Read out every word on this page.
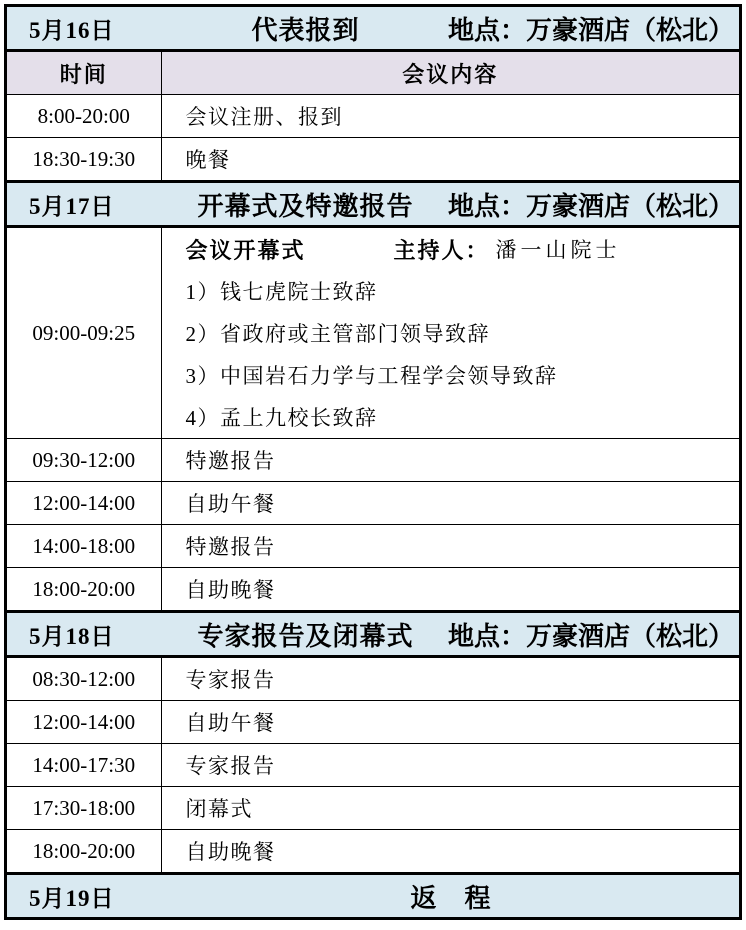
5月16日	代表报到	地点：万豪酒店（松北）
时间	会议内容
8:00-20:00	会议注册、报到
18:30-19:30	晚餐
5月17日	开幕式及特邀报告	地点：万豪酒店（松北）
09:00-09:25
会议开幕式	主持人： 潘一山院士
1）钱七虎院士致辞
2）省政府或主管部门领导致辞
3）中国岩石力学与工程学会领导致辞
4）孟上九校长致辞
09:30-12:00	特邀报告
12:00-14:00	自助午餐
14:00-18:00	特邀报告
18:00-20:00	自助晚餐
5月18日	专家报告及闭幕式	地点：万豪酒店（松北）
08:30-12:00	专家报告
12:00-14:00	自助午餐
14:00-17:30	专家报告
17:30-18:00	闭幕式
18:00-20:00	自助晚餐
5月19日	返　程
